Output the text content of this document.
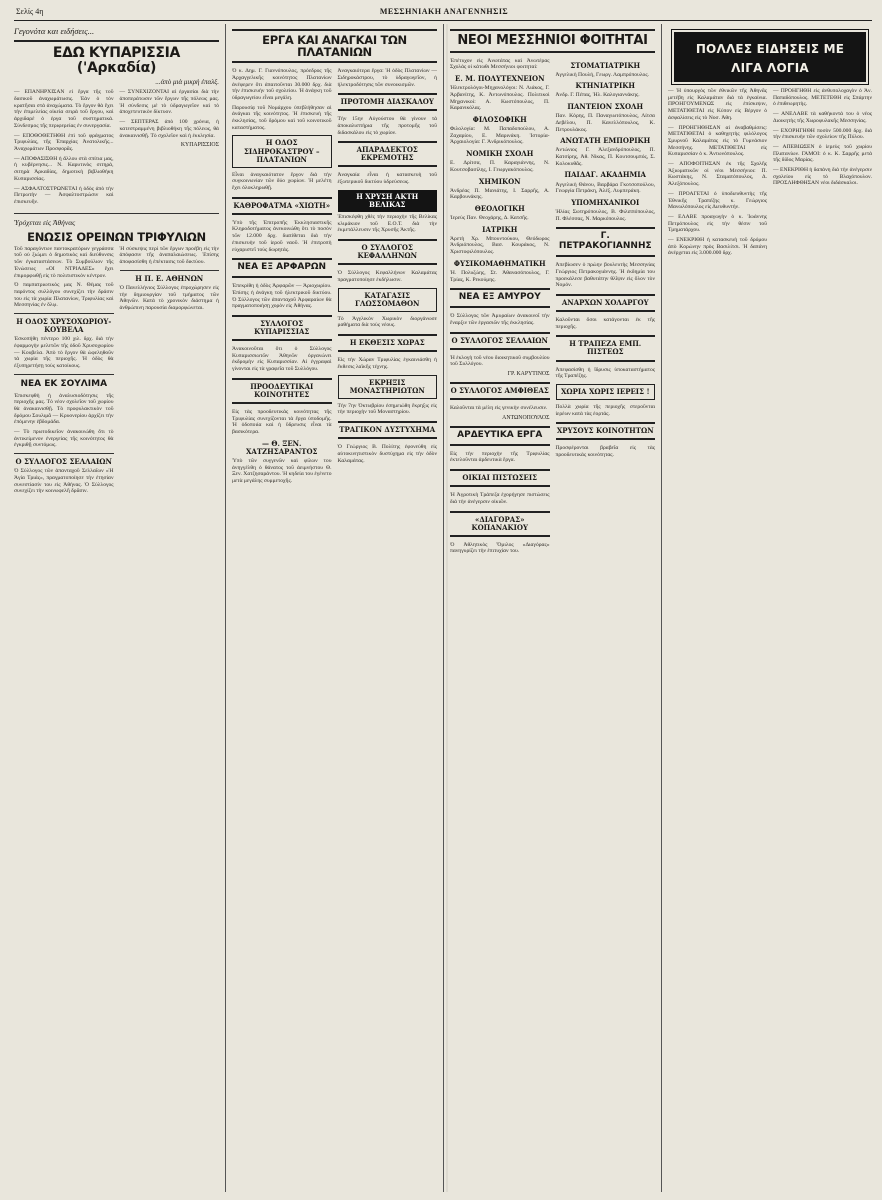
Σελίς 4η	ΜΕΣΣΗΝΙΑΚΗ ΑΝΑΓΕΝΝΗΣΙΣ
Γεγονότα και ειδήσεις...
ΕΔΩ ΚΥΠΑΡΙΣΣΙΑ ('Αρκαδία)
...ἀπὸ μιὰ μικρὴ ἐπαλξ.

— ΕΠΑΝΗΡΧΙΣΑΝ εἰ ἔργα τῆς τοῦ δασικοῦ ἀναχωμάτωσις. Ἐὰν ὁ τὸν κρατῆσαι στὰ ἀναχώματα. Τὸ ἔργον θὰ ἔχει τὴν ἐπιμελείας οἰκεία σειρὰ τοῦ ἔργου, καὶ ἀρχιδαρέ ὁ ἐργα τοῦ συστηματικὰ. Σύνδεσμος τῆς περιφερείας ἐν συνεργασία.

— ΕΠΟΘΟΘΕΤΗΘΗ ἐπὶ τοῦ φράγματος Τριφυλίας, τῆς Ἐπαρχίας Ἀνατολικῆς... Ἀναχωμάτων Προσφορᾶς.

— ΑΠΟΦΑΣΙΣΘΗ ἡ ἄλλου στὰ σπίτια μας, ἡ κυβέρνησις... Ν. Καρυτινὸς σιτηρὰ, σιτηρὰ Ἀρκαδίας, δημοτικὴ βιβλιοθήκη Κυπαρισσίας.

— ΑΣΦΑΛΤΟΣΤΡΩΝΕΤΑΙ ἡ ὁδὸς ἀπὸ τὴν Πετρωτὴν — Ἀσφαλτοστρώσιν καὶ ἐπισκευῆν.

— ΣΥΝΕΧΙΖΟΝΤΑΙ αἱ ἐργασίαι διὰ τὴν ἀποπεράτωσιν τῶν ἔργων τῆς πόλεως μας. Ἡ σύνδεσις μὲ τὸ ὑδραγωγεῖον καὶ τὸ ἀποχετευτικὸν δίκτυον.

— ΣΕΠΤΕΡΑΣ ἀπὸ 100 χρόνια, ἡ κατεστραμμένη βιβλιοθήκη τῆς πόλεως, θὰ ἀνακαινισθῇ. Τὸ σχολεῖον καὶ ἡ ἐκκλησία.

ΚΥΠΑΡΙΣΣΙΟΣ

Ὑρόχεται εἰς Ἀθήνας
ΕΝΩΣΙΣ ΟΡΕΙΝΩΝ ΤΡΙΦΥΛΙΩΝ

Τοῦ παραγόντων παντοκρατόρων γεγράσσα τοῦ οὐ ξιώμει ὁ δημοτικὸς καὶ διεύθυνσις τῶν ἐγκαταστάσεων. Τὸ Συμβούλιον τῆς Ἑνώσεως «ΟΙ ΝΤΡΙΑΔΕΣ» ἔχει ἐπιμορφωθῇ εἰς τὸ πολιτιστικὸν κέντρον.

Ὁ παμπατριωτικὸς μας Ν. Θέμας τοῦ παρόντος συλλόγου συνεχίζει τὴν δράσιν του εἰς τὰ χωρία Πλατανίων, Τριφυλίας καὶ Μεσσηνίας ἐν ὅλῳ.

Η ΟΔΟΣ ΧΡΥΣΟΧΩΡΙΟΥ-ΚΟΥΒΕΛΑ

Ἐσκοπήθη πέντερο 100 χιλ. δρχ. διὰ τὴν ἐφαρμογὴν μελετῶν τῆς ὁδοῦ Χρυσοχωρίου — Κουβελα. Ἀπὸ τὸ ἔργον θὰ ὠφεληθοῦν τὰ χωρία τῆς περιοχῆς. Ἡ ὁδὸς θὰ ἐξυπηρετήσῃ τοὺς κατοίκους.

ΝΕΑ ΕΚ ΣΟΥΛΙΜΑ

Ἐπισκεφθὴ ἡ ἀναλυσιοδότησις τῆς περιοχῆς μας. Τὸ νέον σχολεῖον τοῦ χωρίου θὰ ἀνακαινισθῇ. Τὸ προφυλακτικὸν τοῦ δρόμου Σουλιμᾶ — Κρυονερίου ἀρχίζει τὴν ἐπόμενην ἑβδομάδα.

— Τὸ πρωτοδικεῖον ἀνακοινώθη ὅτι τὸ ἀντικείμενον ἐνεργείας τῆς κοινότητος θὰ ἐγκριθῇ συντόμως.

Ο ΣΥΛΛΟΓΟΣ ΣΕΛΛΑΙΩΝ

Ὁ Σύλλογος τῶν ἁπανταχοῦ Σελλαΐων «Ἡ Ἁγία Τριάς», πραγματοποίησε τὴν ἐτησίαν συνεστίασίν του εἰς Ἀθήνας. Ὁ Σύλλογος συνεχίζει τὴν κοινωφελῆ δρᾶσιν.

Ἡ σύσκεψις περὶ τῶν ἔργων προέβη εἰς τὴν ἀπόφασιν τῆς ἀναπαλαιώσεως. Ἐπίσης ἀποφασίσθη ἡ ἐπέκτασις τοῦ δικτύου.

Η Π. Ε. ΑΘΗΝΩΝ

Ὁ Πανελλήνιος Σύλλογος ἐπροχώρησεν εἰς τὴν δημιουργίαν τοῦ τμήματος τῶν Ἀθηνῶν. Κατὰ τὸ χρονικὸν διάστημα ἡ ἀνθρώπινη παρουσία διαμορφώνεται.

ΕΡΓΑ ΚΑΙ ΑΝΑΓΚΑΙ ΤΩΝ ΠΛΑΤΑΝΙΩΝ

Ὁ κ. Δημ. Γ. Γιαννόπουλος, πρόεδρος τῆς Ἀρχαγγελικῆς κοινότητος Πλατανίων ἀνέφερεν ὅτι ἀπαιτοῦνται 30.000 δρχ. διὰ τὴν ἐπισκευὴν τοῦ σχολείου. Ἡ ἀνάγκη τοῦ ὑδραγωγείου εἶναι μεγάλη.

Παρουσίᾳ τοῦ Νομάρχου ὑπεβλήθησαν αἱ ἀνάγκαι τῆς κοινότητος. Ἡ ἐπισκευὴ τῆς ἐκκλησίας, τοῦ δρόμου καὶ τοῦ κοινοτικοῦ καταστήματος.

Η ΟΔΟΣ ΣΙΔΗΡΟΚΑΣΤΡΟΥ – ΠΛΑΤΑΝΙΩΝ

Εἶναι ἀναγκαιότατον ἔργον διὰ τὴν συγκοινωνίαν τῶν δύο χωρίων. Ἡ μελέτη ἔχει ὁλοκληρωθῇ.

ΚΑΘΡΟΦΑΤΜΑ «ΧΙΩΤΗ»

Ὑπὸ τῆς Ἐπιτροπῆς Ἐκκλησιαστικῆς Κληροδοτήματος ἀνεκοινώθη ὅτι τὸ ποσὸν τῶν 12.000 δρχ. διατίθεται διὰ τὴν ἐπισκευὴν τοῦ ἱεροῦ ναοῦ. Ἡ ἐπιτροπὴ εὐχαριστεῖ τοὺς δωρητάς.

ΝΕΑ ΕΞ ΑΡΦΑΡΩΝ

Ἐπεκρίθη ἡ ὁδὸς Ἀρφαρῶν — Ἀριοχωρίου. Ἐπίσης ἡ ἀνάγκη τοῦ ἠλεκτρικοῦ δικτύου. Ὁ Σύλλογος τῶν ἁπανταχοῦ Ἀρφαραίων θὰ πραγματοποιήσῃ χορὸν εἰς Ἀθήνας.

ΣΥΛΛΟΓΟΣ ΚΥΠΑΡΙΣΣΙΑΣ

Ἀνακοινοῦται ὅτι ὁ Σύλλογος Κυπαρισσιωτῶν Ἀθηνῶν ὀργανώνει ἐκδρομὴν εἰς Κυπαρισσίαν. Αἱ ἐγγραφαὶ γίνονται εἰς τὰ γραφεῖα τοῦ Συλλόγου.

ΠΡΟΟΔΕΥΤΙΚΑΙ ΚΟΙΝΟΤΗΤΕΣ

Εἰς τὰς προοδευτικὰς κοινότητας τῆς Τριφυλίας συνεχίζονται τὰ ἔργα ὑποδομῆς. Ἡ ὁδοποιία καὶ ἡ ὕδρευσις εἶναι τὰ βασικότερα.

— Θ. ΞΕΝ. ΧΑΤΖΗΣΑΡΑΝΤΟΣ

Ὑπὸ τῶν συγγενῶν καὶ φίλων του ἀνηγγέλθη ὁ θάνατος τοῦ ἀειμνήστου Θ. Ξεν. Χατζησαράντου. Ἡ κηδεία του ἐγένετο μετὰ μεγάλης συμμετοχῆς.

Ἀναγκαιότερα ἔργα: Ἡ ὁδὸς Πλατανίων — Σιδηροκάστρου, τὸ ὑδραγωγεῖον, ἡ ἠλεκτροδότησις τῶν συνοικισμῶν.

ΠΡΟΤΟΜΗ ΔΙΑΣΚΑΛΟΥ

Τὴν 15ην Αὐγούστου θὰ γίνουν τὰ ἀποκαλυπτήρια τῆς προτομῆς τοῦ διδασκάλου εἰς τὸ χωρίον.

ΑΠΑΡΑΔΕΚΤΟΣ ΕΚΡΕΜΟΤΗΣ

Ἀναγκαία εἶναι ἡ κατασκευὴ τοῦ ἐξωτερικοῦ δικτύου ὑδρεύσεως.

Η ΧΡΥΣΗ ΑΚΤΗ ΒΕΛΙΚΑΣ

Ἐπισκέφθη χθὲς τὴν περιοχὴν τῆς Βελίκας κλιμάκιον τοῦ Ε.Ο.Τ. διὰ τὴν ἐκμετάλλευσιν τῆς Χρυσῆς Ἀκτῆς.

Ο ΣΥΛΛΟΓΟΣ ΚΕΦΑΛΛΗΝΩΝ

Ὁ Σύλλογος Κεφαλλήνων Καλαμάτας πραγματοποίησε ἐκδήλωσιν.

ΚΑΤΑΓΑΣΙΣ ΓΛΩΣΣΟΜΑΘΟΝ

Τὸ Ἀγγλικὸν Χωρικὸν διοργάνωσε μαθήματα διὰ τοὺς νέους.

Η ΕΚΘΕΣΙΣ ΧΩΡΑΣ

Εἰς τὴν Χώραν Τριφυλίας ἐγκαινιάσθη ἡ ἔκθεσις λαϊκῆς τέχνης.

ΕΚΡΗΞΙΣ ΜΟΝΑΣΤΗΡΙΩΤΩΝ

Τὴν 7ην Ὀκτωβρίου ἐσημειώθη ἔκρηξις εἰς τὴν περιοχὴν τοῦ Μοναστηρίου.

ΤΡΑΓΙΚΟΝ ΔΥΣΤΥΧΗΜΑ

Ὁ Γεώργιος Β. Πολίτης ἐφονεύθη εἰς αὐτοκινητιστικὸν δυστύχημα εἰς τὴν ὁδὸν Καλαμάτας.

ΝΕΟΙ ΜΕΣΣΗΝΙΟΙ ΦΟΙΤΗΤΑΙ

Ἐπέτυχον εἰς Ἀνωτάτας καὶ Ἀνωτέρας Σχολὰς οἱ κάτωθι Μεσσήνιοι φοιτηταί:

Ε. Μ. ΠΟΛΥΤΕΧΝΕΙΟΝ

Ἠλεκτρολόγοι-Μηχανολόγοι: Ν. Λιάκος, Γ. Ἀρβανίτης, Κ. Ἀντωνόπουλος. Πολιτικοὶ Μηχανικοί: Α. Κωστόπουλος, Π. Καρανικόλας.

ΦΙΛΟΣΟΦΙΚΗ

Φιλολογία: Μ. Παπαδοπούλου, Α. Ζαχαρίου, Ε. Μαρινάκη. Ἱστορία-Ἀρχαιολογία: Γ. Ἀνδρικόπουλος.

ΝΟΜΙΚΗ ΣΧΟΛΗ

Ε. Δρίτσα, Π. Καραγιάννης, Ν. Κουτσοβασίλης, Ι. Γεωργακόπουλος.

ΧΗΜΙΚΟΝ

Ἀνδρέας Π. Μανιάτης, Ι. Σαρρῆς, Α. Καρβουνάκης.

ΘΕΟΛΟΓΙΚΗ

Ἱερεὺς Παν. Θεοχάρης, Δ. Κατσῆς.

ΙΑΤΡΙΚΗ

Ἀρετὴ Χρ. Μπουντούκου, Θεόδωρος Ἀνδριόπουλος, Βασ. Κουράκος, Ν. Χριστοφιλόπουλος.

ΦΥΣΙΚΟΜΑΘΗΜΑΤΙΚΗ

Ἡ. Πολυζώης, Στ. Ἀθανασόπουλος, Γ. Τρίας, Κ. Ρεκούμης.

ΝΕΑ ΕΞ ΑΜΥΡΟΥ

Ὁ Σύλλογος τῶν Ἀμυραίων ἀνακοινοῖ τὴν ἔναρξιν τῶν ἐργασιῶν τῆς ἐκκλησίας.

Ο ΣΥΛΛΟΓΟΣ ΣΕΛΛΑΙΩΝ

Ἡ ἐκλογὴ τοῦ νέου διοικητικοῦ συμβουλίου τοῦ Συλλόγου.

ΓΡ. ΚΑΡΥΤΙΝΟΣ

Ο ΣΥΛΛΟΓΟΣ ΑΜΦΙΘΕΑΣ

Καλοῦνται τὰ μέλη εἰς γενικὴν συνέλευσιν.

ΑΝΤΩΝΟΠΟΥΛΟΣ

ΑΡΔΕΥΤΙΚΑ ΕΡΓΑ

Εἰς τὴν περιοχὴν τῆς Τριφυλίας ἐκτελοῦνται ἀρδευτικὰ ἔργα.

ΟΙΚΙΑΙ ΠΙΣΤΩΣΕΙΣ

Ἡ Ἀγροτικὴ Τράπεζα ἐχορήγησε πιστώσεις διὰ τὴν ἀνέγερσιν οἰκιῶν.

«ΔΙΑΓΟΡΑΣ» ΚΟΠΑΝΑΚΙΟΥ

Ὁ Ἀθλητικὸς Ὅμιλος «Διαγόρας» πανηγυρίζει τὴν ἐπιτυχίαν του.

ΣΤΟΜΑΤΙΑΤΡΙΚΗ

Ἀγγελικὴ Πουλή, Γεωργ. Λαμπρόπουλος.

ΚΤΗΝΙΑΤΡΙΚΗ

Ἀνδρ. Γ. Πέπας, Ἠλ. Καλογιαννάκης.

ΠΑΝΤΕΙΟΝ ΣΧΟΛΗ

Παν. Κόρης, Π. Παναγιωτόπουλος, Λίτσα Δεβέλου, Π. Κανελλόπουλος, Κ. Πετρουλάκος.

ΑΝΩΤΑΤΗ ΕΜΠΟΡΙΚΗ

Ἀντώνιος Γ. Ἀλεξανδρόπουλος, Π. Κατσίρης, Ἀθ. Νίκας, Π. Κουτσουμπός, Σ. Κολοκυθᾶς.

ΠΑΙΔΑΓ. ΑΚΑΔΗΜΙΑ

Ἀγγελικὴ Θάνου, Βαρβάρα Γκοτσοπούλου, Γεωργία Πετράκη, Ἀλέξ. Λυμπεράκη.

ΥΠΟΜΗΧΑΝΙΚΟΙ

Ἠλίας Σωτηρόπουλος, Β. Φιλιππόπουλος, Π. Φλέσσας, Ν. Μαρκόπουλος.

Γ. ΠΕΤΡΑΚΟΓΙΑΝΝΗΣ

Ἀπεβίωσεν ὁ πρώην βουλευτὴς Μεσσηνίας Γεώργιος Πετρακογιάννης. Ἡ ἐκδημία του προεκάλεσε βαθυτάτην θλῖψιν εἰς ὅλον τὸν Νομόν.

ΑΝΑΡΧΩΝ ΧΟΛΑΡΓΟΥ

Καλοῦνται ὅσοι κατάγονται ἐκ τῆς περιοχῆς.

Η ΤΡΑΠΕΖΑ ΕΜΠ. ΠΙΣΤΕΩΣ

Ἀπεφασίσθη ἡ ἵδρυσις ὑποκαταστήματος τῆς Τραπέζης.

ΧΩΡΙΑ ΧΩΡΙΣ ΙΕΡΕΙΣ !

Πολλὰ χωρία τῆς περιοχῆς στεροῦνται ἱερέων κατὰ τὰς ἑορτάς.

ΧΡΥΣΟΥΣ ΚΟΙΝΟΤΗΤΩΝ

Προσφέρονται βραβεῖα εἰς τὰς προοδευτικὰς κοινότητας.

ΠΟΛΛΕΣ ΕΙΔΗΣΕΙΣ ΜΕ ΛΙΓΑ ΛΟΓΙΑ

— Ἡ ὑπουργὸς τῶν ἐθνικῶν τῆς Ἀθηνᾶς μετέβη εἰς Καλαμάταν διὰ τὰ ἐγκαίνια. ΠΡΟΗΓΟΥΜΕΝΩΣ εἰς ἐπίσκεψιν, ΜΕΤΑΤΙΘΕΤΑΙ εἰς Κύπον εἰς Βέργον ὁ ἀσφαλίσεις εἰς τὸ Νοσ. Ἀθη.

— ΠΡΟΗΓΗΘΗΣΑΝ αἱ ἀναβαθμίσεις: ΜΕΤΑΤΙΘΕΤΑΙ ὁ καθηγητὴς φιλόλογος Σμυρνοῦ Καλαμάτας εἰς τὸ Γυμνάσιον Μεσσήνης. ΜΕΤΑΤΙΘΕΤΑΙ εἰς Κυπαρισσίαν ὁ κ. Ἀντωνόπουλος.

— ΑΠΟΦΟΙΤΗΣΑΝ ἐκ τῆς Σχολῆς Ἀξιωματικῶν οἱ νέοι Μεσσήνιοι: Π. Κωστάκης, Ν. Σταματόπουλος, Δ. Ἀλεξόπουλος.

— ΠΡΟΑΓΕΤΑΙ ὁ ὑποδιευθυντὴς τῆς Ἐθνικῆς Τραπέζης κ. Γεώργιος Μανωλόπουλος εἰς Διευθυντήν.

— ΕΛΑΒΕ προαγωγὴν ὁ κ. Ἰωάννης Πετρόπουλος εἰς τὴν θέσιν τοῦ Τμηματάρχου.

— ΕΝΕΚΡΙΘΗ ἡ κατασκευὴ τοῦ δρόμου ἀπὸ Κορώνην πρὸς Βασιλίτσι. Ἡ δαπάνη ἀνέρχεται εἰς 3.000.000 δρχ.

— ΠΡΟΗΓΗΘΗ εἰς ἀνθυπολοχαγὸν ὁ Ἀν. Παπαδόπουλος. ΜΕΤΕΤΕΘΗ εἰς Σπάρτην ὁ ἐπιθεωρητὴς.

— ΑΝΕΛΑΒΕ τὰ καθήκοντά του ὁ νέος Διοικητὴς τῆς Χωροφυλακῆς Μεσσηνίας.

— ΕΧΟΡΗΓΗΘΗ ποσὸν 500.000 δρχ. διὰ τὴν ἐπισκευὴν τῶν σχολείων τῆς Πύλου.

— ΑΠΕΒΙΩΣΕΝ ὁ ἱερεὺς τοῦ χωρίου Πλατανίων. ΓΑΜΟΙ: ὁ κ. Κ. Σαρρῆς μετὰ τῆς δίδος Μαρίας.

— ΕΝΕΚΡΙΘΗ ἡ δαπάνη διὰ τὴν ἀνέγερσιν σχολείου εἰς τὸ Βλαχόπουλον. ΠΡΟΣΛΗΦΘΗΣΑΝ νέοι διδάσκαλοι.
